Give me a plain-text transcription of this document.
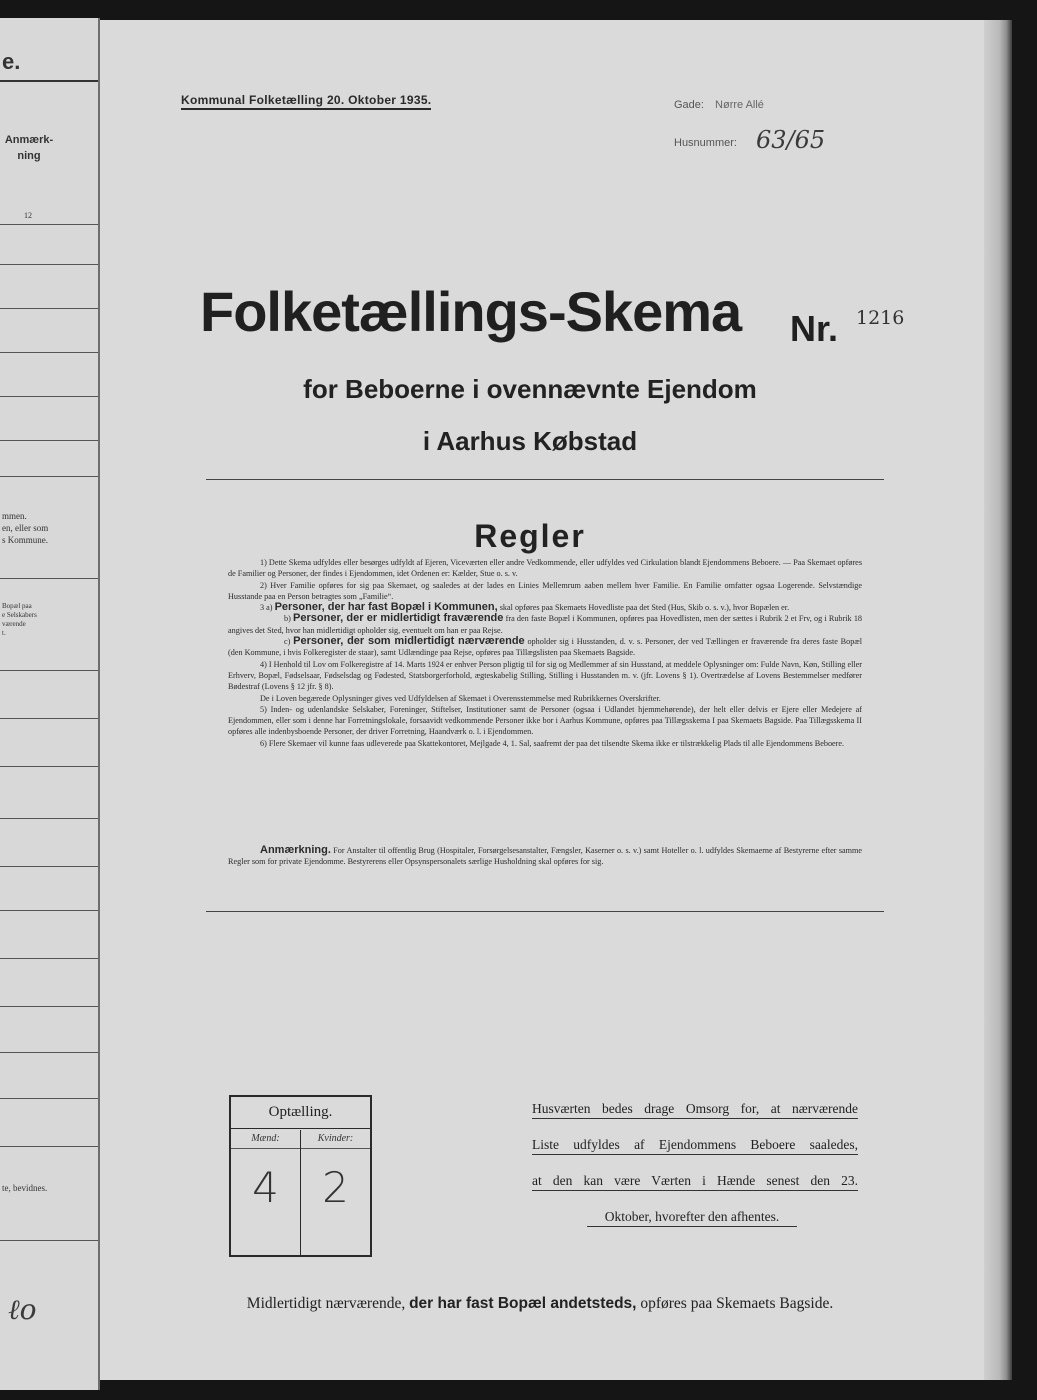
e.
Anmærk-
ning
12
mmen.
en, eller som
s Kommune.
Bopæl paa
e Selskabers
værende
t.
te, bevidnes.
ℓo
Kommunal Folketælling 20. Oktober 1935.	Gade: Nørre Allé
Husnummer: 63/65
Folketællings-Skema Nr. 1216
for Beboerne i ovennævnte Ejendom
i Aarhus Købstad
Regler

1) Dette Skema udfyldes eller besørges udfyldt af Ejeren, Viceværten eller andre Vedkommende, eller udfyldes ved Cirkulation blandt Ejendommens Beboere. — Paa Skemaet opføres de Familier og Personer, der findes i Ejendommen, idet Ordenen er: Kælder, Stue o. s. v.

2) Hver Familie opføres for sig paa Skemaet, og saaledes at der lades en Linies Mellemrum aaben mellem hver Familie. En Familie omfatter ogsaa Logerende. Selvstændige Husstande paa en Person betragtes som „Familie“.

3 a) Personer, der har fast Bopæl i Kommunen, skal opføres paa Skemaets Hovedliste paa det Sted (Hus, Skib o. s. v.), hvor Bopælen er.

b) Personer, der er midlertidigt fraværende fra den faste Bopæl i Kommunen, opføres paa Hovedlisten, men der sættes i Rubrik 2 et Frv, og i Rubrik 18 angives det Sted, hvor han midlertidigt opholder sig, eventuelt om han er paa Rejse.

c) Personer, der som midlertidigt nærværende opholder sig i Husstanden, d. v. s. Personer, der ved Tællingen er fraværende fra deres faste Bopæl (den Kommune, i hvis Folkeregister de staar), samt Udlændinge paa Rejse, opføres paa Tillægslisten paa Skemaets Bagside.

4) I Henhold til Lov om Folkeregistre af 14. Marts 1924 er enhver Person pligtig til for sig og Medlemmer af sin Husstand, at meddele Oplysninger om: Fulde Navn, Køn, Stilling eller Erhverv, Bopæl, Fødselsaar, Fødselsdag og Fødested, Statsborgerforhold, ægteskabelig Stilling, Stilling i Husstanden m. v. (jfr. Lovens § 1). Overtrædelse af Lovens Bestemmelser medfører Bødestraf (Lovens § 12 jfr. § 8).

De i Loven begærede Oplysninger gives ved Udfyldelsen af Skemaet i Overensstemmelse med Rubrikkernes Overskrifter.

5) Inden- og udenlandske Selskaber, Foreninger, Stiftelser, Institutioner samt de Personer (ogsaa i Udlandet hjemmehørende), der helt eller delvis er Ejere eller Medejere af Ejendommen, eller som i denne har Forretningslokale, forsaavidt vedkommende Personer ikke bor i Aarhus Kommune, opføres paa Tillægsskema I paa Skemaets Bagside. Paa Tillægsskema II opføres alle indenbysboende Personer, der driver Forretning, Haandværk o. l. i Ejendommen.

6) Flere Skemaer vil kunne faas udleverede paa Skattekontoret, Mejlgade 4, 1. Sal, saafremt der paa det tilsendte Skema ikke er tilstrækkelig Plads til alle Ejendommens Beboere.

Anmærkning. For Anstalter til offentlig Brug (Hospitaler, Forsørgelsesanstalter, Fængsler, Kaserner o. s. v.) samt Hoteller o. l. udfyldes Skemaerne af Bestyrerne efter samme Regler som for private Ejendomme. Bestyrerens eller Opsynspersonalets særlige Husholdning skal opføres for sig.

Optælling.
Mænd:
4
Kvinder:
2
Husværten bedes drage Omsorg for, at nærværende
Liste udfyldes af Ejendommens Beboere saaledes,
at den kan være Værten i Hænde senest den 23.
Oktober, hvorefter den afhentes.
Midlertidigt nærværende, der har fast Bopæl andetsteds, opføres paa Skemaets Bagside.
